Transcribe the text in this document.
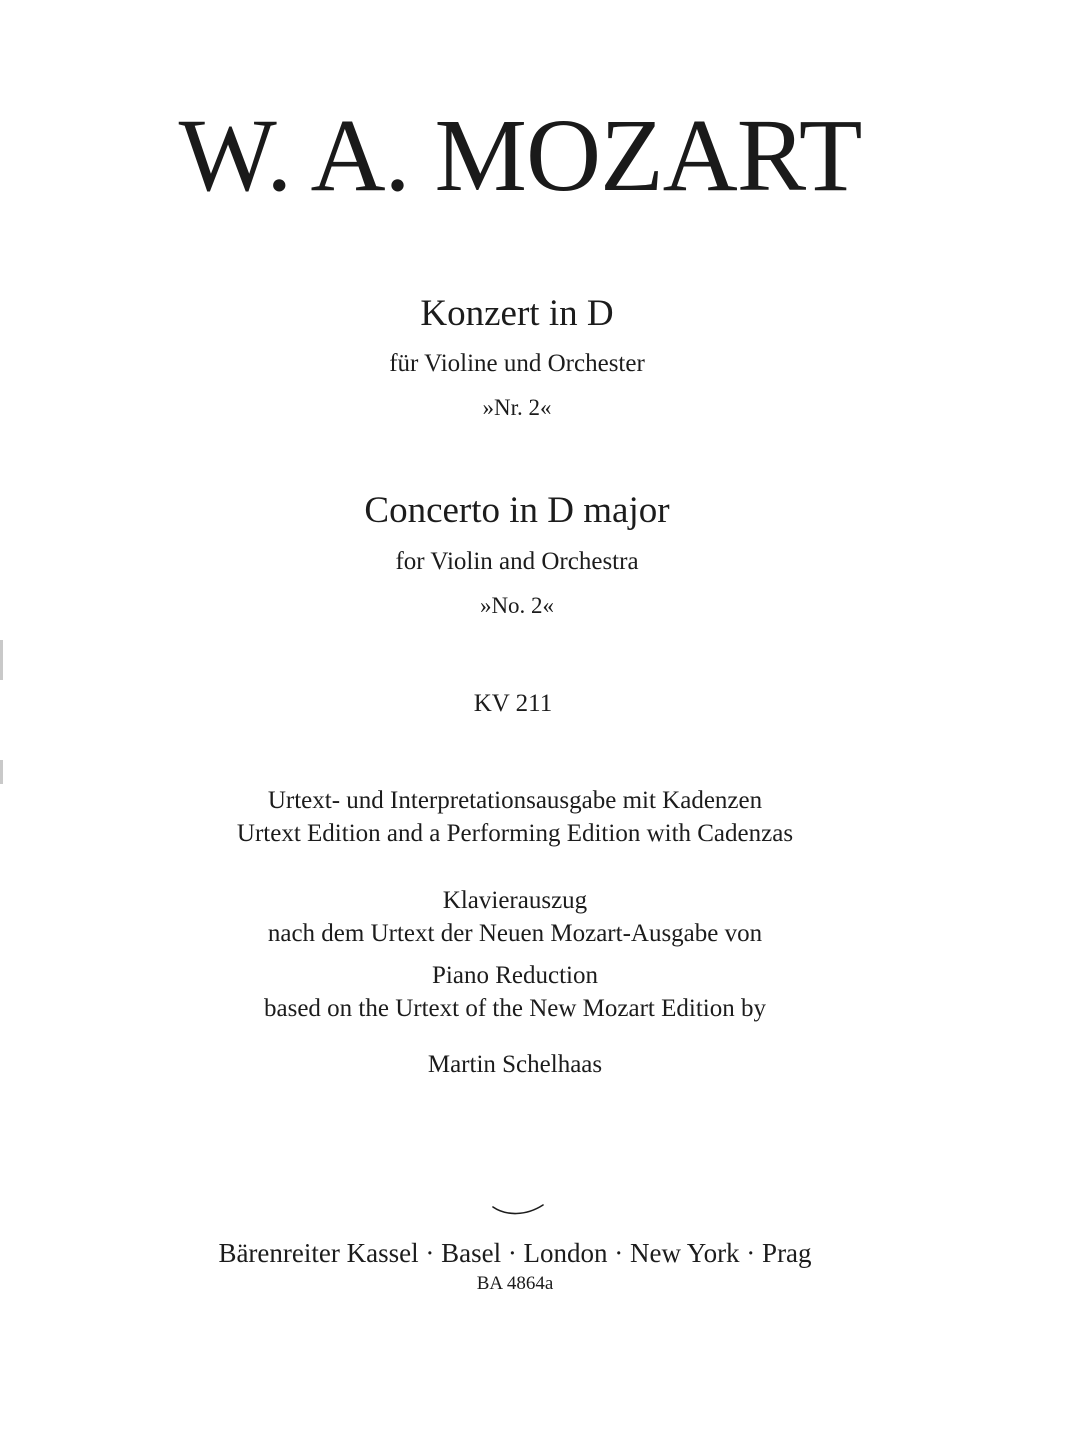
W. A. MOZART
Konzert in D
für Violine und Orchester
»Nr. 2«
Concerto in D major
for Violin and Orchestra
»No. 2«
KV 211
Urtext- und Interpretationsausgabe mit Kadenzen
Urtext Edition and a Performing Edition with Cadenzas
Klavierauszug
nach dem Urtext der Neuen Mozart-Ausgabe von
Piano Reduction
based on the Urtext of the New Mozart Edition by
Martin Schelhaas
Bärenreiter Kassel · Basel · London · New York · Prag
BA 4864a
